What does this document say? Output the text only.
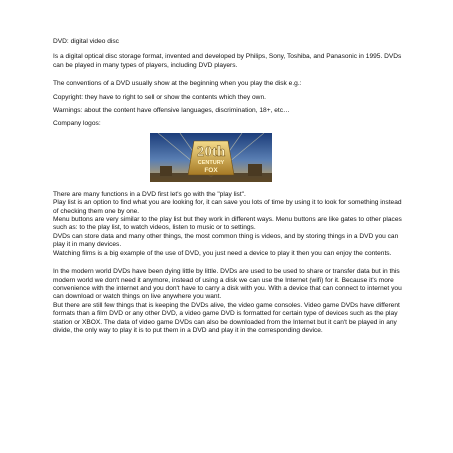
DVD: digital video disc

Is a digital optical disc storage format, invented and developed by Philips, Sony, Toshiba, and Panasonic in 1995. DVDs can be played in many types of players, including DVD players.

The conventions of a DVD usually show at the beginning when you play the disk e.g.:

Copyright: they have to right to sell or show the contents which they own.

Warnings: about the content have offensive languages, discrimination, 18+, etc…

Company logos:

20th
CENTURY
FOX

There are many functions in a DVD first let's go with the "play list".

Play list is an option to find what you are looking for, it can save you lots of time by using it to look for something instead of checking them one by one.

Menu buttons are very similar to the play list but they work in different ways. Menu buttons are like gates to other places such as: to the play list, to watch videos, listen to music or to settings.

DVDs can store data and many other things, the most common thing is videos, and by storing things in a DVD you can play it in many devices.

Watching films is a big example of the use of DVD, you just need a device to play it then you can enjoy the contents.

In the modern world DVDs have been dying little by little. DVDs are used to be used to share or transfer data but in this modern world we don't need it anymore, instead of using a disk we can use the Internet (wifi) for it. Because it's more convenience with the internet and you don't have to carry a disk with you. With a device that can connect to internet you can download or watch things on live anywhere you want.

But there are still few things that is keeping the DVDs alive, the video game consoles. Video game DVDs have different formats than a film DVD or any other DVD, a video game DVD is formatted for certain type of devices such as the play station or XBOX. The data of video game DVDs can also be downloaded from the Internet but it can't be played in any divide, the only way to play it is to put them in a DVD and play it in the corresponding device.
